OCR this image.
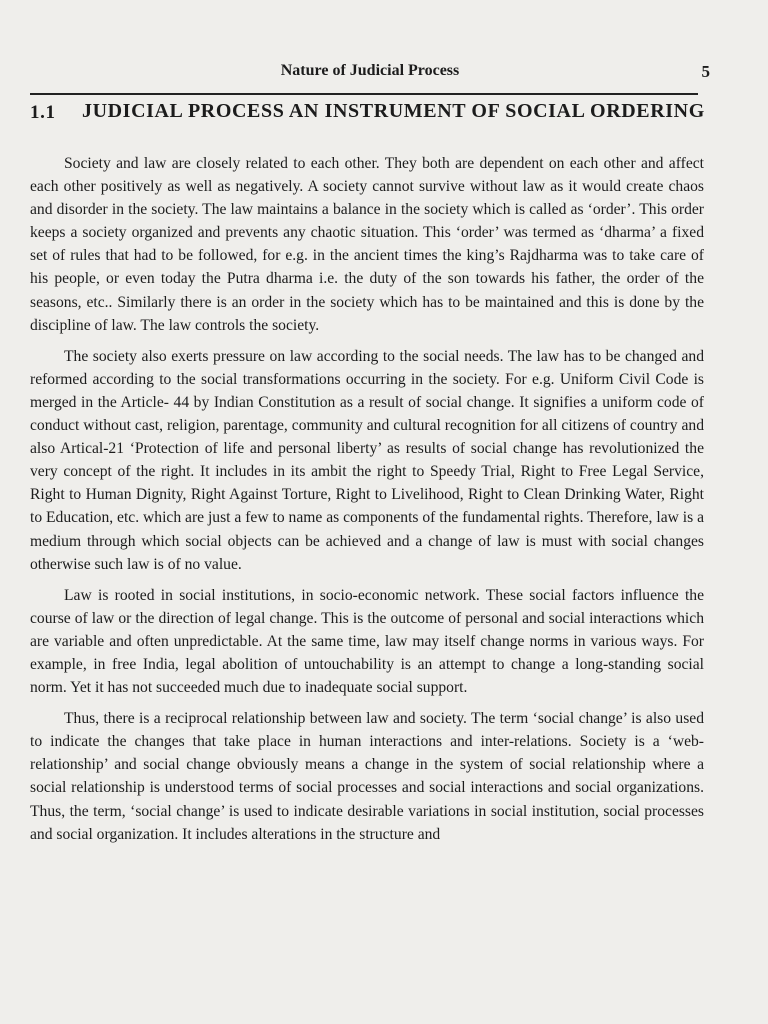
Nature of Judicial Process	5
1.1 JUDICIAL PROCESS AN INSTRUMENT OF SOCIAL ORDERING

Society and law are closely related to each other. They both are dependent on each other and affect each other positively as well as negatively. A society cannot survive without law as it would create chaos and disorder in the society. The law maintains a balance in the society which is called as ‘order’. This order keeps a society organized and prevents any chaotic situation. This ‘order’ was termed as ‘dharma’ a fixed set of rules that had to be followed, for e.g. in the ancient times the king’s Rajdharma was to take care of his people, or even today the Putra dharma i.e. the duty of the son towards his father, the order of the seasons, etc.. Similarly there is an order in the society which has to be maintained and this is done by the discipline of law. The law controls the society.

The society also exerts pressure on law according to the social needs. The law has to be changed and reformed according to the social transformations occurring in the society. For e.g. Uniform Civil Code is merged in the Article- 44 by Indian Constitution as a result of social change. It signifies a uniform code of conduct without cast, religion, parentage, community and cultural recognition for all citizens of country and also Artical-21 ‘Protection of life and personal liberty’ as results of social change has revolutionized the very concept of the right. It includes in its ambit the right to Speedy Trial, Right to Free Legal Service, Right to Human Dignity, Right Against Torture, Right to Livelihood, Right to Clean Drinking Water, Right to Education, etc. which are just a few to name as components of the fundamental rights. Therefore, law is a medium through which social objects can be achieved and a change of law is must with social changes otherwise such law is of no value.

Law is rooted in social institutions, in socio-economic network. These social factors influence the course of law or the direction of legal change. This is the outcome of personal and social interactions which are variable and often unpredictable. At the same time, law may itself change norms in various ways. For example, in free India, legal abolition of untouchability is an attempt to change a long-standing social norm. Yet it has not succeeded much due to inadequate social support.

Thus, there is a reciprocal relationship between law and society. The term ‘social change’ is also used to indicate the changes that take place in human interactions and inter-relations. Society is a ‘web-relationship’ and social change obviously means a change in the system of social relationship where a social relationship is understood terms of social processes and social interactions and social organizations. Thus, the term, ‘social change’ is used to indicate desirable variations in social institution, social processes and social organization. It includes alterations in the structure and
